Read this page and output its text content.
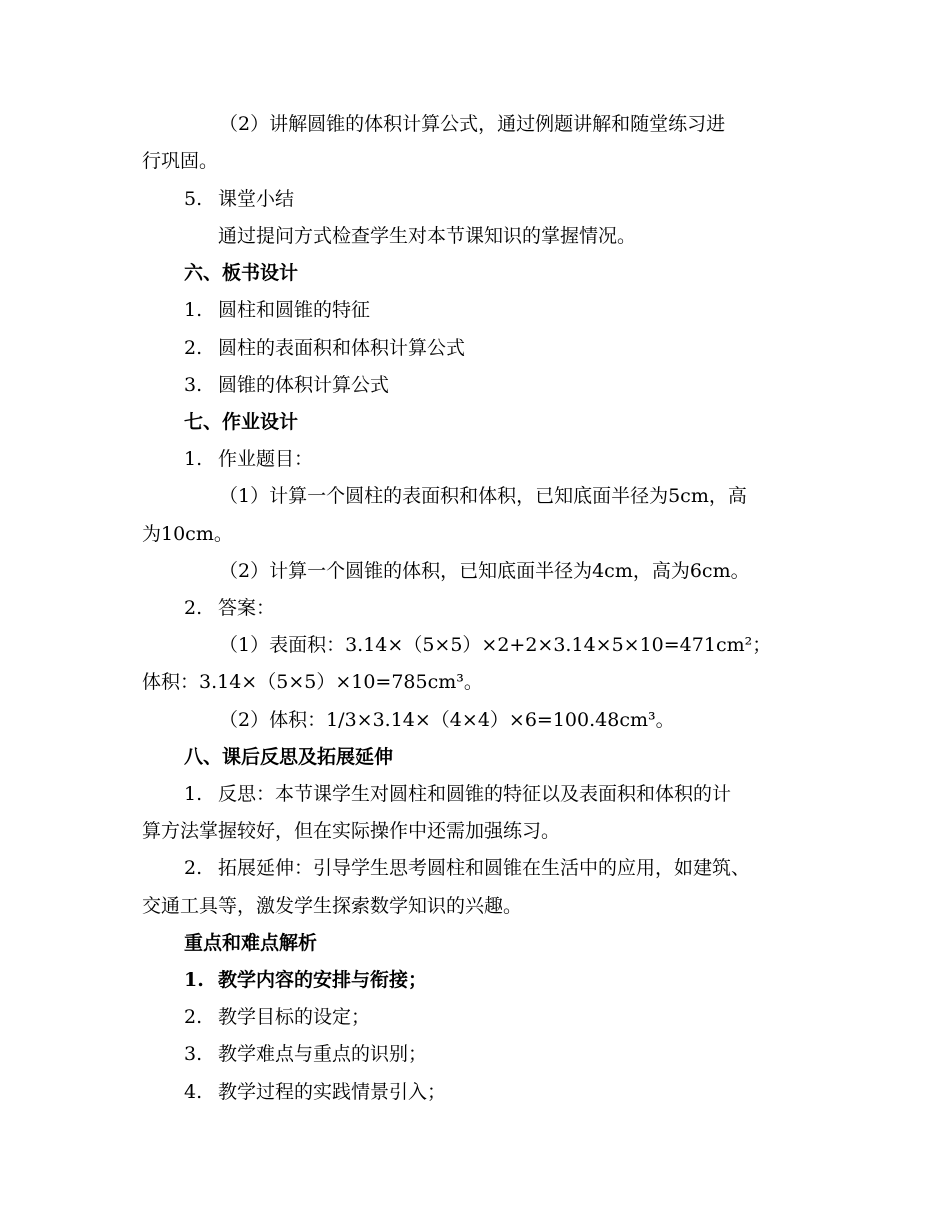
（2）讲解圆锥的体积计算公式，通过例题讲解和随堂练习进

行巩固。

5. 课堂小结

通过提问方式检查学生对本节课知识的掌握情况。

六、板书设计

1. 圆柱和圆锥的特征

2. 圆柱的表面积和体积计算公式

3. 圆锥的体积计算公式

七、作业设计

1. 作业题目：

（1）计算一个圆柱的表面积和体积，已知底面半径为5cm，高

为10cm。

（2）计算一个圆锥的体积，已知底面半径为4cm，高为6cm。

2. 答案：

（1）表面积：3.14×（5×5）×2+2×3.14×5×10=471cm²；

体积：3.14×（5×5）×10=785cm³。

（2）体积：1/3×3.14×（4×4）×6=100.48cm³。

八、课后反思及拓展延伸

1. 反思：本节课学生对圆柱和圆锥的特征以及表面积和体积的计

算方法掌握较好，但在实际操作中还需加强练习。

2. 拓展延伸：引导学生思考圆柱和圆锥在生活中的应用，如建筑、

交通工具等，激发学生探索数学知识的兴趣。

重点和难点解析

1. 教学内容的安排与衔接；

2. 教学目标的设定；

3. 教学难点与重点的识别；

4. 教学过程的实践情景引入；
